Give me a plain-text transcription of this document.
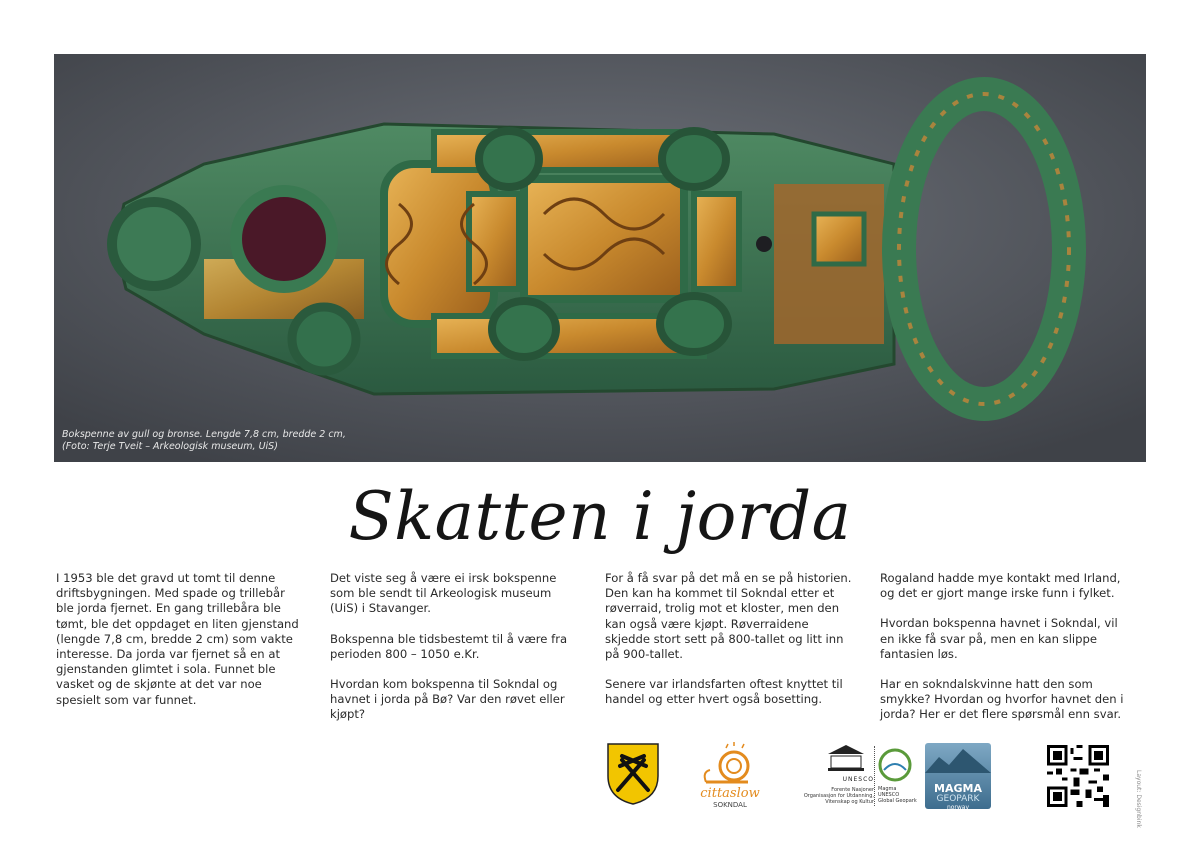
Bokspenne av gull og bronse. Lengde 7,8 cm, bredde 2 cm,
(Foto: Terje Tveit – Arkeologisk museum, UiS)
Skatten i jorda

I 1953 ble det gravd ut tomt til denne driftsbygningen. Med spade og trillebår ble jorda fjernet. En gang trillebåra ble tømt, ble det oppdaget en liten gjenstand (lengde 7,8 cm, bredde 2 cm) som vakte interesse. Da jorda var fjernet så en at gjenstanden glimtet i sola. Funnet ble vasket og de skjønte at det var noe spesielt som var funnet.

Det viste seg å være ei irsk bokspenne som ble sendt til Arkeologisk museum (UiS) i Stavanger.

Bokspenna ble tidsbestemt til å være fra perioden 800 – 1050 e.Kr.

Hvordan kom bokspenna til Sokndal og havnet i jorda på Bø? Var den røvet eller kjøpt?

For å få svar på det må en se på historien. Den kan ha kommet til Sokndal etter et røverraid, trolig mot et kloster, men den kan også være kjøpt. Røverraidene skjedde stort sett på 800-tallet og litt inn på 900-tallet.

Senere var irlandsfarten oftest knyttet til handel og etter hvert også bosetting.

Rogaland hadde mye kontakt med Irland, og det er gjort mange irske funn i fylket.

Hvordan bokspenna havnet i Sokndal, vil en ikke få svar på, men en kan slippe fantasien løs.

Har en sokndalskvinne hatt den som smykke? Hvordan og hvorfor havnet den i jorda? Her er det flere spørsmål enn svar.

cittaslow
SOKNDAL
UNESCO
Forente Nasjoner
Organisasjon for Utdanning,
Vitenskap og Kultur
Magma
UNESCO
Global Geopark
MAGMA
GEOPARK
norway	Layout: Designbink
